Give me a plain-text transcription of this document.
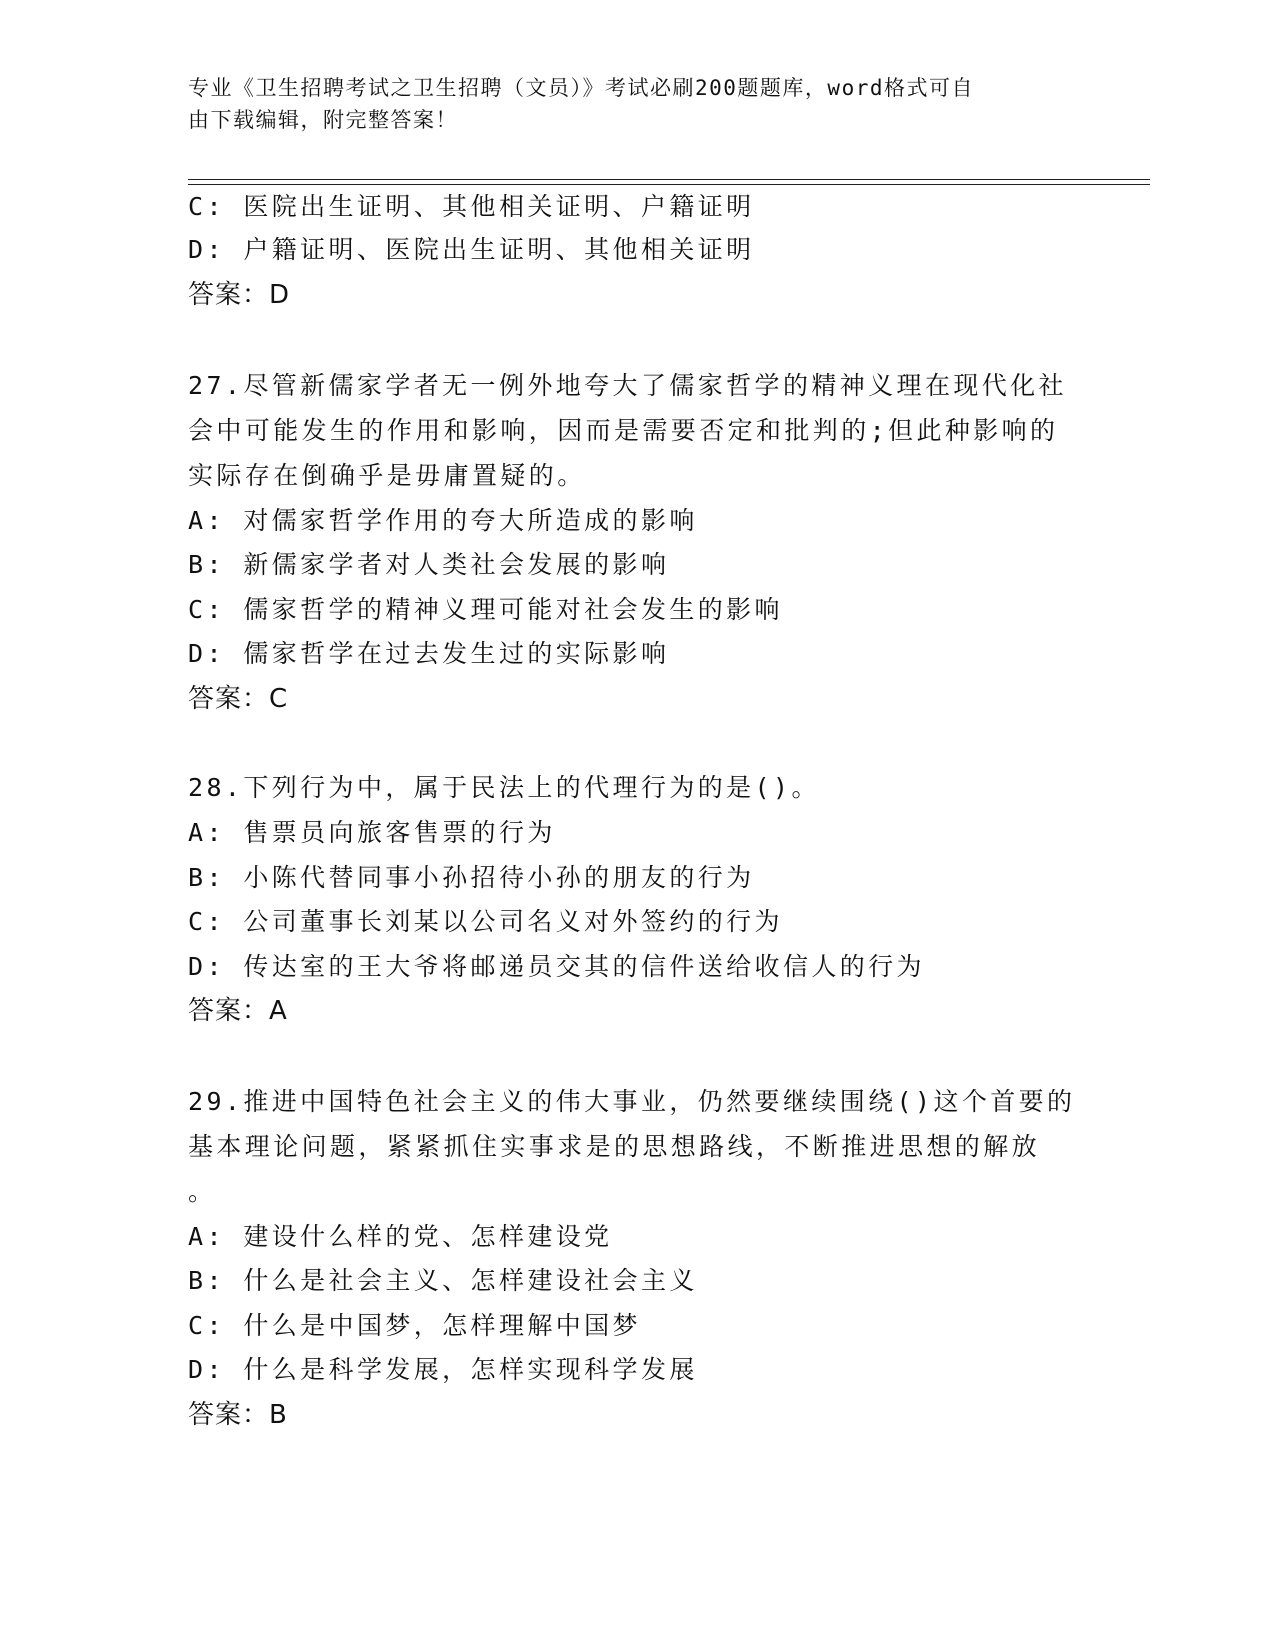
专业《卫生招聘考试之卫生招聘（文员）》考试必刷200题题库，word格式可自

由下载编辑，附完整答案！

C: 医院出生证明、其他相关证明、户籍证明
D: 户籍证明、医院出生证明、其他相关证明
答案：D
27.尽管新儒家学者无一例外地夸大了儒家哲学的精神义理在现代化社
会中可能发生的作用和影响，因而是需要否定和批判的;但此种影响的
实际存在倒确乎是毋庸置疑的。
A: 对儒家哲学作用的夸大所造成的影响
B: 新儒家学者对人类社会发展的影响
C: 儒家哲学的精神义理可能对社会发生的影响
D: 儒家哲学在过去发生过的实际影响
答案：C
28.下列行为中，属于民法上的代理行为的是()。
A: 售票员向旅客售票的行为
B: 小陈代替同事小孙招待小孙的朋友的行为
C: 公司董事长刘某以公司名义对外签约的行为
D: 传达室的王大爷将邮递员交其的信件送给收信人的行为
答案：A
29.推进中国特色社会主义的伟大事业，仍然要继续围绕()这个首要的
基本理论问题，紧紧抓住实事求是的思想路线，不断推进思想的解放
。
A: 建设什么样的党、怎样建设党
B: 什么是社会主义、怎样建设社会主义
C: 什么是中国梦，怎样理解中国梦
D: 什么是科学发展，怎样实现科学发展
答案：B
